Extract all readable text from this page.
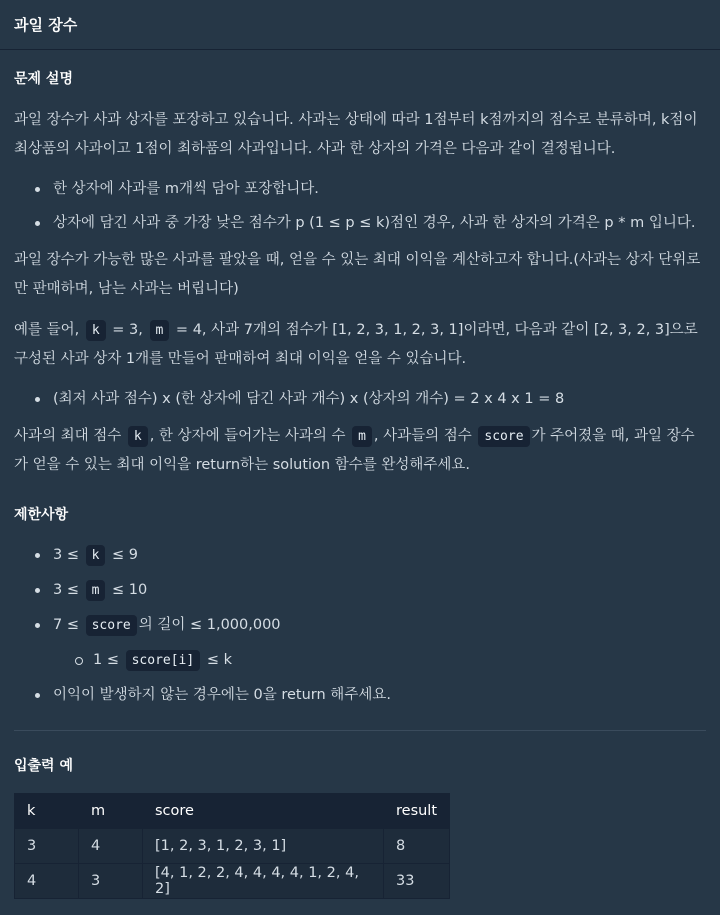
과일 장수
문제 설명

과일 장수가 사과 상자를 포장하고 있습니다. 사과는 상태에 따라 1점부터 k점까지의 점수로 분류하며, k점이 최상품의 사과이고 1점이 최하품의 사과입니다. 사과 한 상자의 가격은 다음과 같이 결정됩니다.

한 상자에 사과를 m개씩 담아 포장합니다.
상자에 담긴 사과 중 가장 낮은 점수가 p (1 ≤ p ≤ k)점인 경우, 사과 한 상자의 가격은 p * m 입니다.

과일 장수가 가능한 많은 사과를 팔았을 때, 얻을 수 있는 최대 이익을 계산하고자 합니다.(사과는 상자 단위로만 판매하며, 남는 사과는 버립니다)

예를 들어, k = 3, m = 4, 사과 7개의 점수가 [1, 2, 3, 1, 2, 3, 1]이라면, 다음과 같이 [2, 3, 2, 3]으로 구성된 사과 상자 1개를 만들어 판매하여 최대 이익을 얻을 수 있습니다.

(최저 사과 점수) x (한 상자에 담긴 사과 개수) x (상자의 개수) = 2 x 4 x 1 = 8

사과의 최대 점수 k , 한 상자에 들어가는 사과의 수 m , 사과들의 점수 score 가 주어졌을 때, 과일 장수가 얻을 수 있는 최대 이익을 return하는 solution 함수를 완성해주세요.

제한사항
3 ≤ k ≤ 9
3 ≤ m ≤ 10
7 ≤ score 의 길이 ≤ 1,000,000
1 ≤ score[i] ≤ k
이익이 발생하지 않는 경우에는 0을 return 해주세요.
입출력 예
k	m	score	result
3	4	[1, 2, 3, 1, 2, 3, 1]	8
4	3	[4, 1, 2, 2, 4, 4, 4, 4, 1, 2, 4, 2]	33
